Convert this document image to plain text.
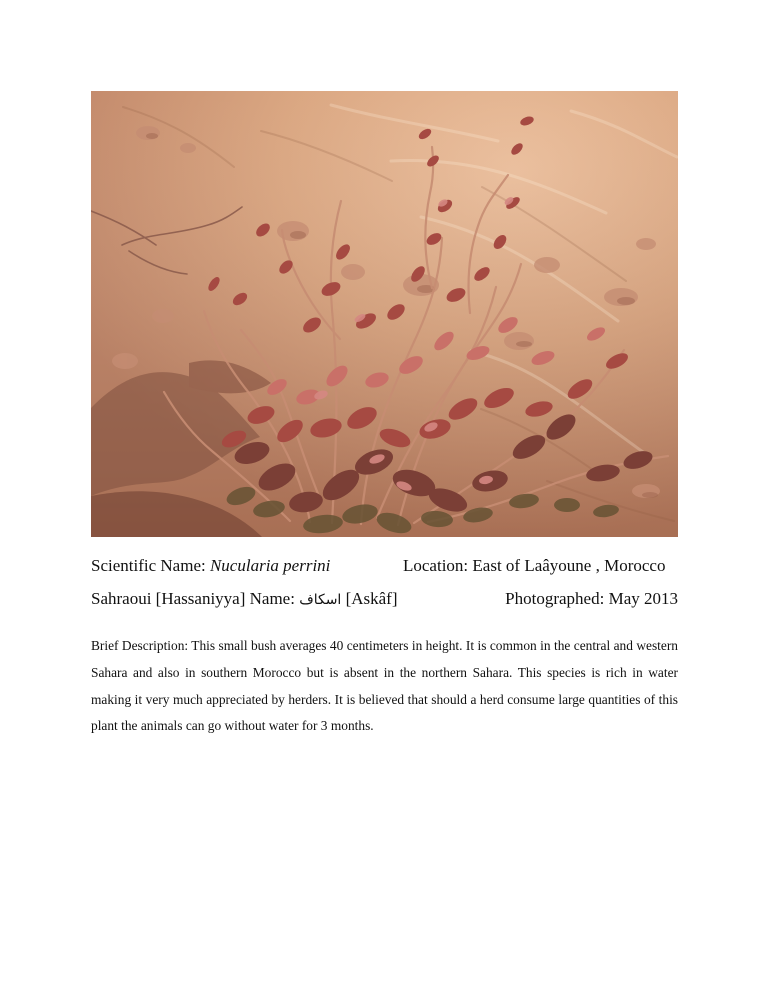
Scientific Name: Nucularia perrini	Location: East of Laâyoune , Morocco
Sahraoui [Hassaniyya] Name: اسكاف [Askâf]	Photographed: May 2013

Brief Description: This small bush averages 40 centimeters in height. It is common in the central and western Sahara and also in southern Morocco but is absent in the northern Sahara. This species is rich in water making it very much appreciated by herders. It is believed that should a herd consume large quantities of this plant the animals can go without water for 3 months.
